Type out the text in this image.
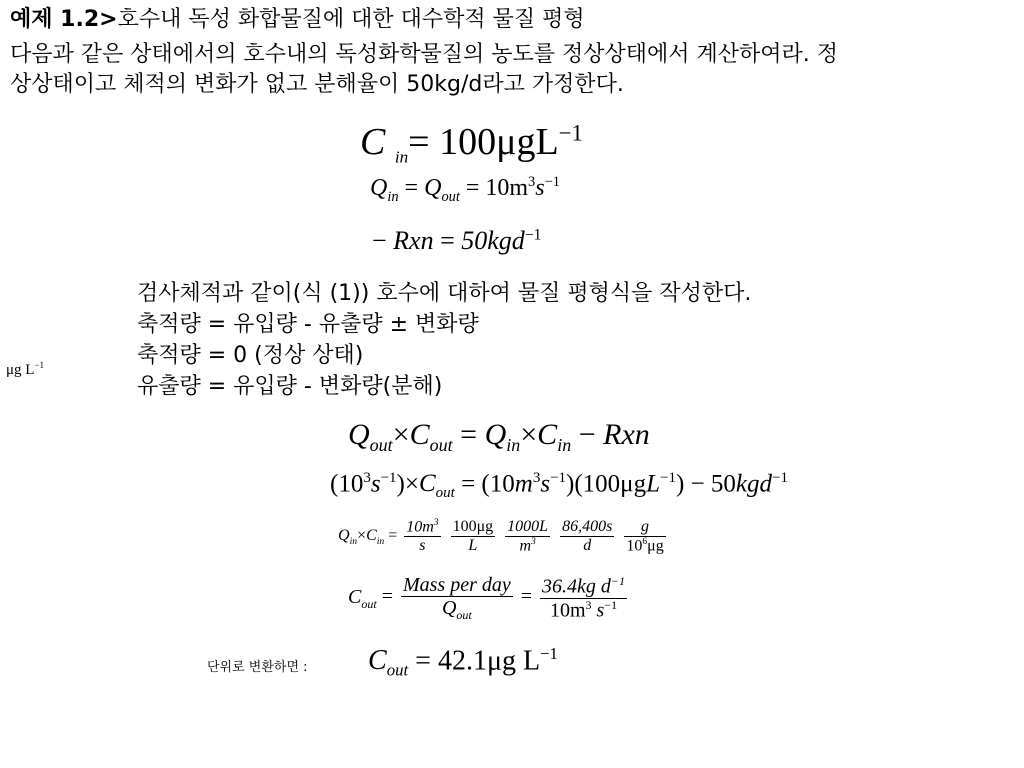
예제 1.2>호수내 독성 화합물질에 대한 대수학적 물질 평형
다음과 같은 상태에서의 호수내의 독성화학물질의 농도를 정상상태에서 계산하여라. 정
상상태이고 체적의 변화가 없고 분해율이 50kg/d라고 가정한다.
C $_{in}$= 100μgL$^{-1}$
$Q_{in} = Q_{out} = 10m^3s^{-1}$
− Rxn = 50kgd$^{-1}$
μg $L^{-1}$
검사체적과 같이(식 (1)) 호수에 대하여 물질 평형식을 작성한다.
축적량 = 유입량 - 유출량 ± 변화량
축적량 = 0 (정상 상태)
유출량 = 유입량 - 변화량(분해)
$Q_{out}\times C_{out} = Q_{in}\times C_{in}$ − Rxn
$(10^3s^{-1})\times C_{out} = (10m^3s^{-1})(100\mu gL^{-1}) - 50kgd^{-1}$
$Q_{in}\times C_{in} = \frac{10m^3}{s}$
$\frac{100\mu g}{L}$
$\frac{1000L}{m^3}$
$\frac{86,400s}{d}$
$\frac{g}{10^6\mu g}$
$C_{out} = \frac{\text{Mass per day}}{Q_{out}} = \frac{36.4kg d^{-1}}{10m^3 s^{-1}}$
단위로 변환하면 : $C_{out} = 42.1\mu g$ $L^{-1}$
